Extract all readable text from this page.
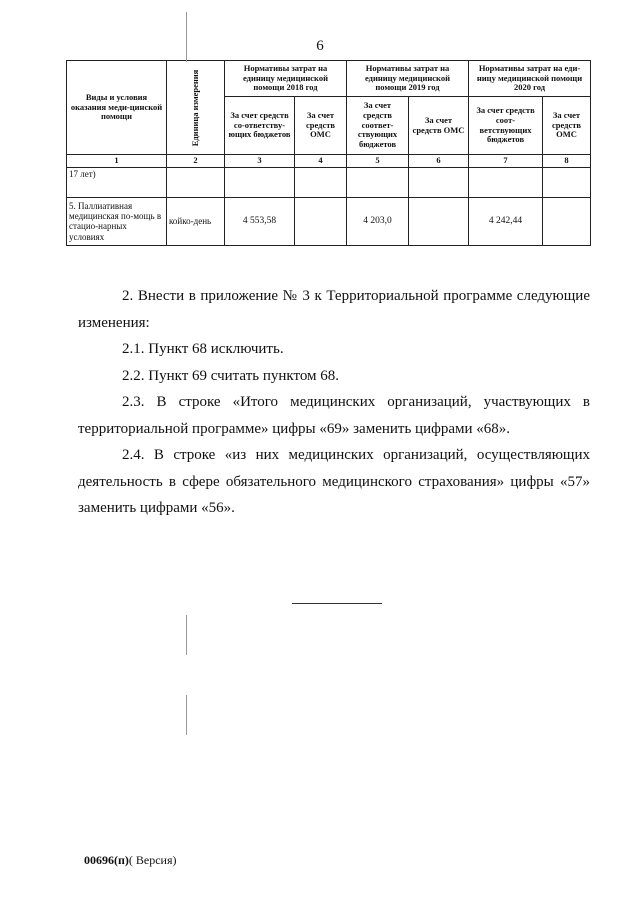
6
Виды и условия оказания меди-цинской помощи	Единица измерения	Нормативы затрат на единицу медицинской помощи 2018 год		Нормативы затрат на единицу медицинской помощи 2019 год		Нормативы затрат на еди-ницу медицинской помощи 2020 год	
		За счет средств со-ответству-ющих бюджетов	За счет средств ОМС	За счет средств соответ-ствующих бюджетов	За счет средств ОМС	За счет средств соот-ветствующих бюджетов	За счет средств ОМС
1	2	3	4	5	6	7	8
17 лет)							
5. Паллиативная медицинская по-мощь в стацио-нарных условиях	койко-день	4 553,58		4 203,0		4 242,44	

2. Внести в приложение № 3 к Территориальной программе следующие изменения:

2.1. Пункт 68 исключить.

2.2. Пункт 69 считать пунктом 68.

2.3. В строке «Итого медицинских организаций, участвующих в территориальной программе» цифры «69» заменить цифрами «68».

2.4. В строке «из них медицинских организаций, осуществляющих деятельность в сфере обязательного медицинского страхования» цифры «57» заменить цифрами «56».

00696(п)( Версия)
